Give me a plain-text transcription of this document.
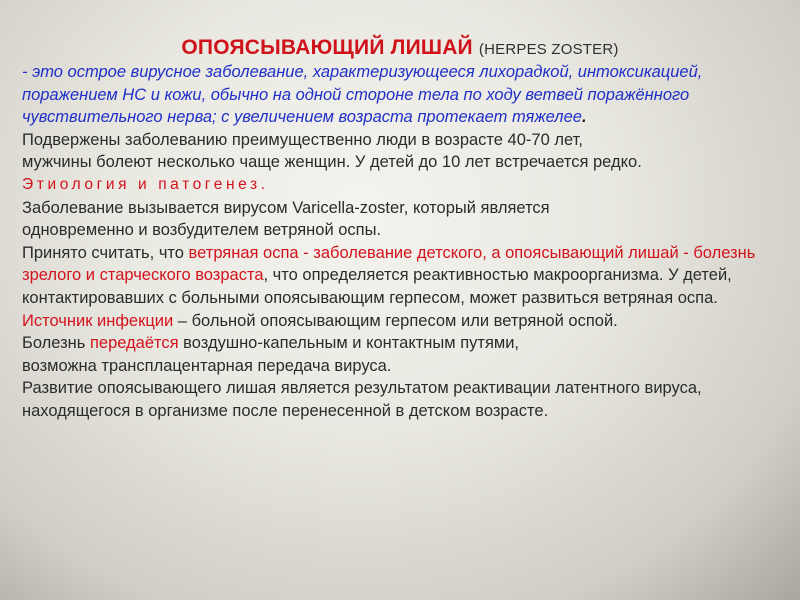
ОПОЯСЫВАЮЩИЙ ЛИШАЙ (HERPES ZOSTER)

- это острое вирусное заболевание, характеризующееся лихорадкой, интоксикацией, поражением НС и кожи, обычно на одной стороне тела по ходу ветвей поражённого чувствительного нерва; с увеличением возраста протекает тяжелее.

Подвержены заболеванию преимущественно люди в возрасте 40-70 лет,
мужчины болеют несколько чаще женщин. У детей до 10 лет встречается редко.

Этиология и патогенез.

Заболевание вызывается вирусом Varicella-zoster, который является
одновременно и возбудителем ветряной оспы.

Принято считать, что ветряная оспа - заболевание детского, а опоясывающий лишай - болезнь зрелого и старческого возраста, что определяется реактивностью макроорганизма. У детей, контактировавших с больными опоясывающим герпесом, может развиться ветряная оспа.

Источник инфекции – больной опоясывающим герпесом или ветряной оспой.

Болезнь передаётся воздушно-капельным и контактным путями,
возможна трансплацентарная передача вируса.

Развитие опоясывающего лишая является результатом реактивации латентного вируса, находящегося в организме после перенесенной в детском возрасте.
